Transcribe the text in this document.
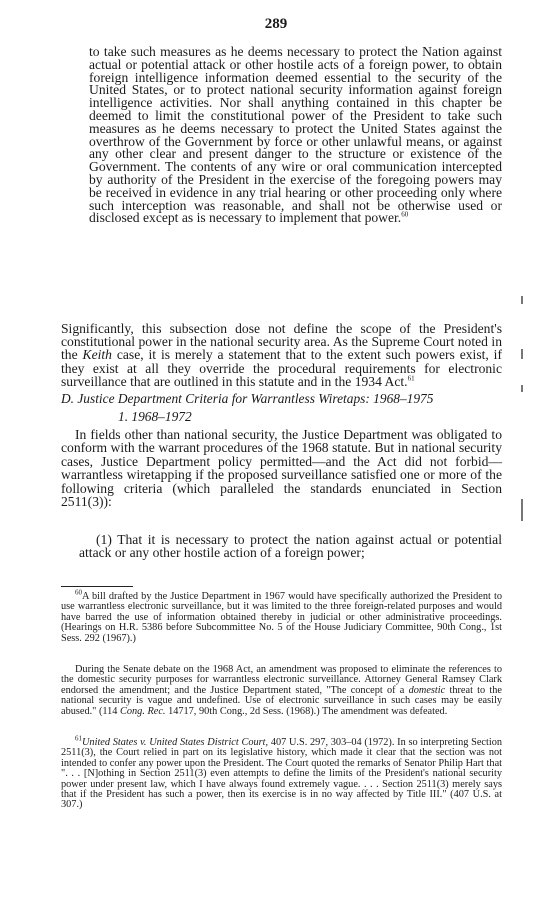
289
to take such measures as he deems necessary to protect the Nation against actual or potential attack or other hostile acts of a foreign power, to obtain foreign intelligence information deemed essential to the security of the United States, or to protect national security information against foreign intelligence activities. Nor shall anything contained in this chapter be deemed to limit the constitutional power of the President to take such measures as he deems necessary to protect the United States against the overthrow of the Government by force or other unlawful means, or against any other clear and present danger to the structure or existence of the Government. The contents of any wire or oral communication intercepted by authority of the President in the exercise of the foregoing powers may be received in evidence in any trial hearing or other proceeding only where such interception was reasonable, and shall not be otherwise used or disclosed except as is necessary to implement that power.$^{60}$
Significantly, this subsection dose not define the scope of the President's constitutional power in the national security area. As the Supreme Court noted in the Keith case, it is merely a statement that to the extent such powers exist, if they exist at all they override the procedural requirements for electronic surveillance that are outlined in this statute and in the 1934 Act.$^{61}$
D. Justice Department Criteria for Warrantless Wiretaps: 1968–1975
1. 1968–1972
In fields other than national security, the Justice Department was obligated to conform with the warrant procedures of the 1968 statute. But in national security cases, Justice Department policy permitted—and the Act did not forbid—warrantless wiretapping if the proposed surveillance satisfied one or more of the following criteria (which paralleled the standards enunciated in Section 2511(3)):
(1) That it is necessary to protect the nation against actual or potential attack or any other hostile action of a foreign power;
$^{60}$A bill drafted by the Justice Department in 1967 would have specifically authorized the President to use warrantless electronic surveillance, but it was limited to the three foreign-related purposes and would have barred the use of information obtained thereby in judicial or other administrative proceedings. (Hearings on H.R. 5386 before Subcommittee No. 5 of the House Judiciary Committee, 90th Cong., 1st Sess. 292 (1967).)
During the Senate debate on the 1968 Act, an amendment was proposed to eliminate the references to the domestic security purposes for warrantless electronic surveillance. Attorney General Ramsey Clark endorsed the amendment; and the Justice Department stated, "The concept of a domestic threat to the national security is vague and undefined. Use of electronic surveillance in such cases may be easily abused." (114 Cong. Rec. 14717, 90th Cong., 2d Sess. (1968).) The amendment was defeated.
$^{61}$United States v. United States District Court, 407 U.S. 297, 303–04 (1972). In so interpreting Section 2511(3), the Court relied in part on its legislative history, which made it clear that the section was not intended to confer any power upon the President. The Court quoted the remarks of Senator Philip Hart that ". . . [N]othing in Section 2511(3) even attempts to define the limits of the President's national security power under present law, which I have always found extremely vague. . . . Section 2511(3) merely says that if the President has such a power, then its exercise is in no way affected by Title III." (407 U.S. at 307.)
